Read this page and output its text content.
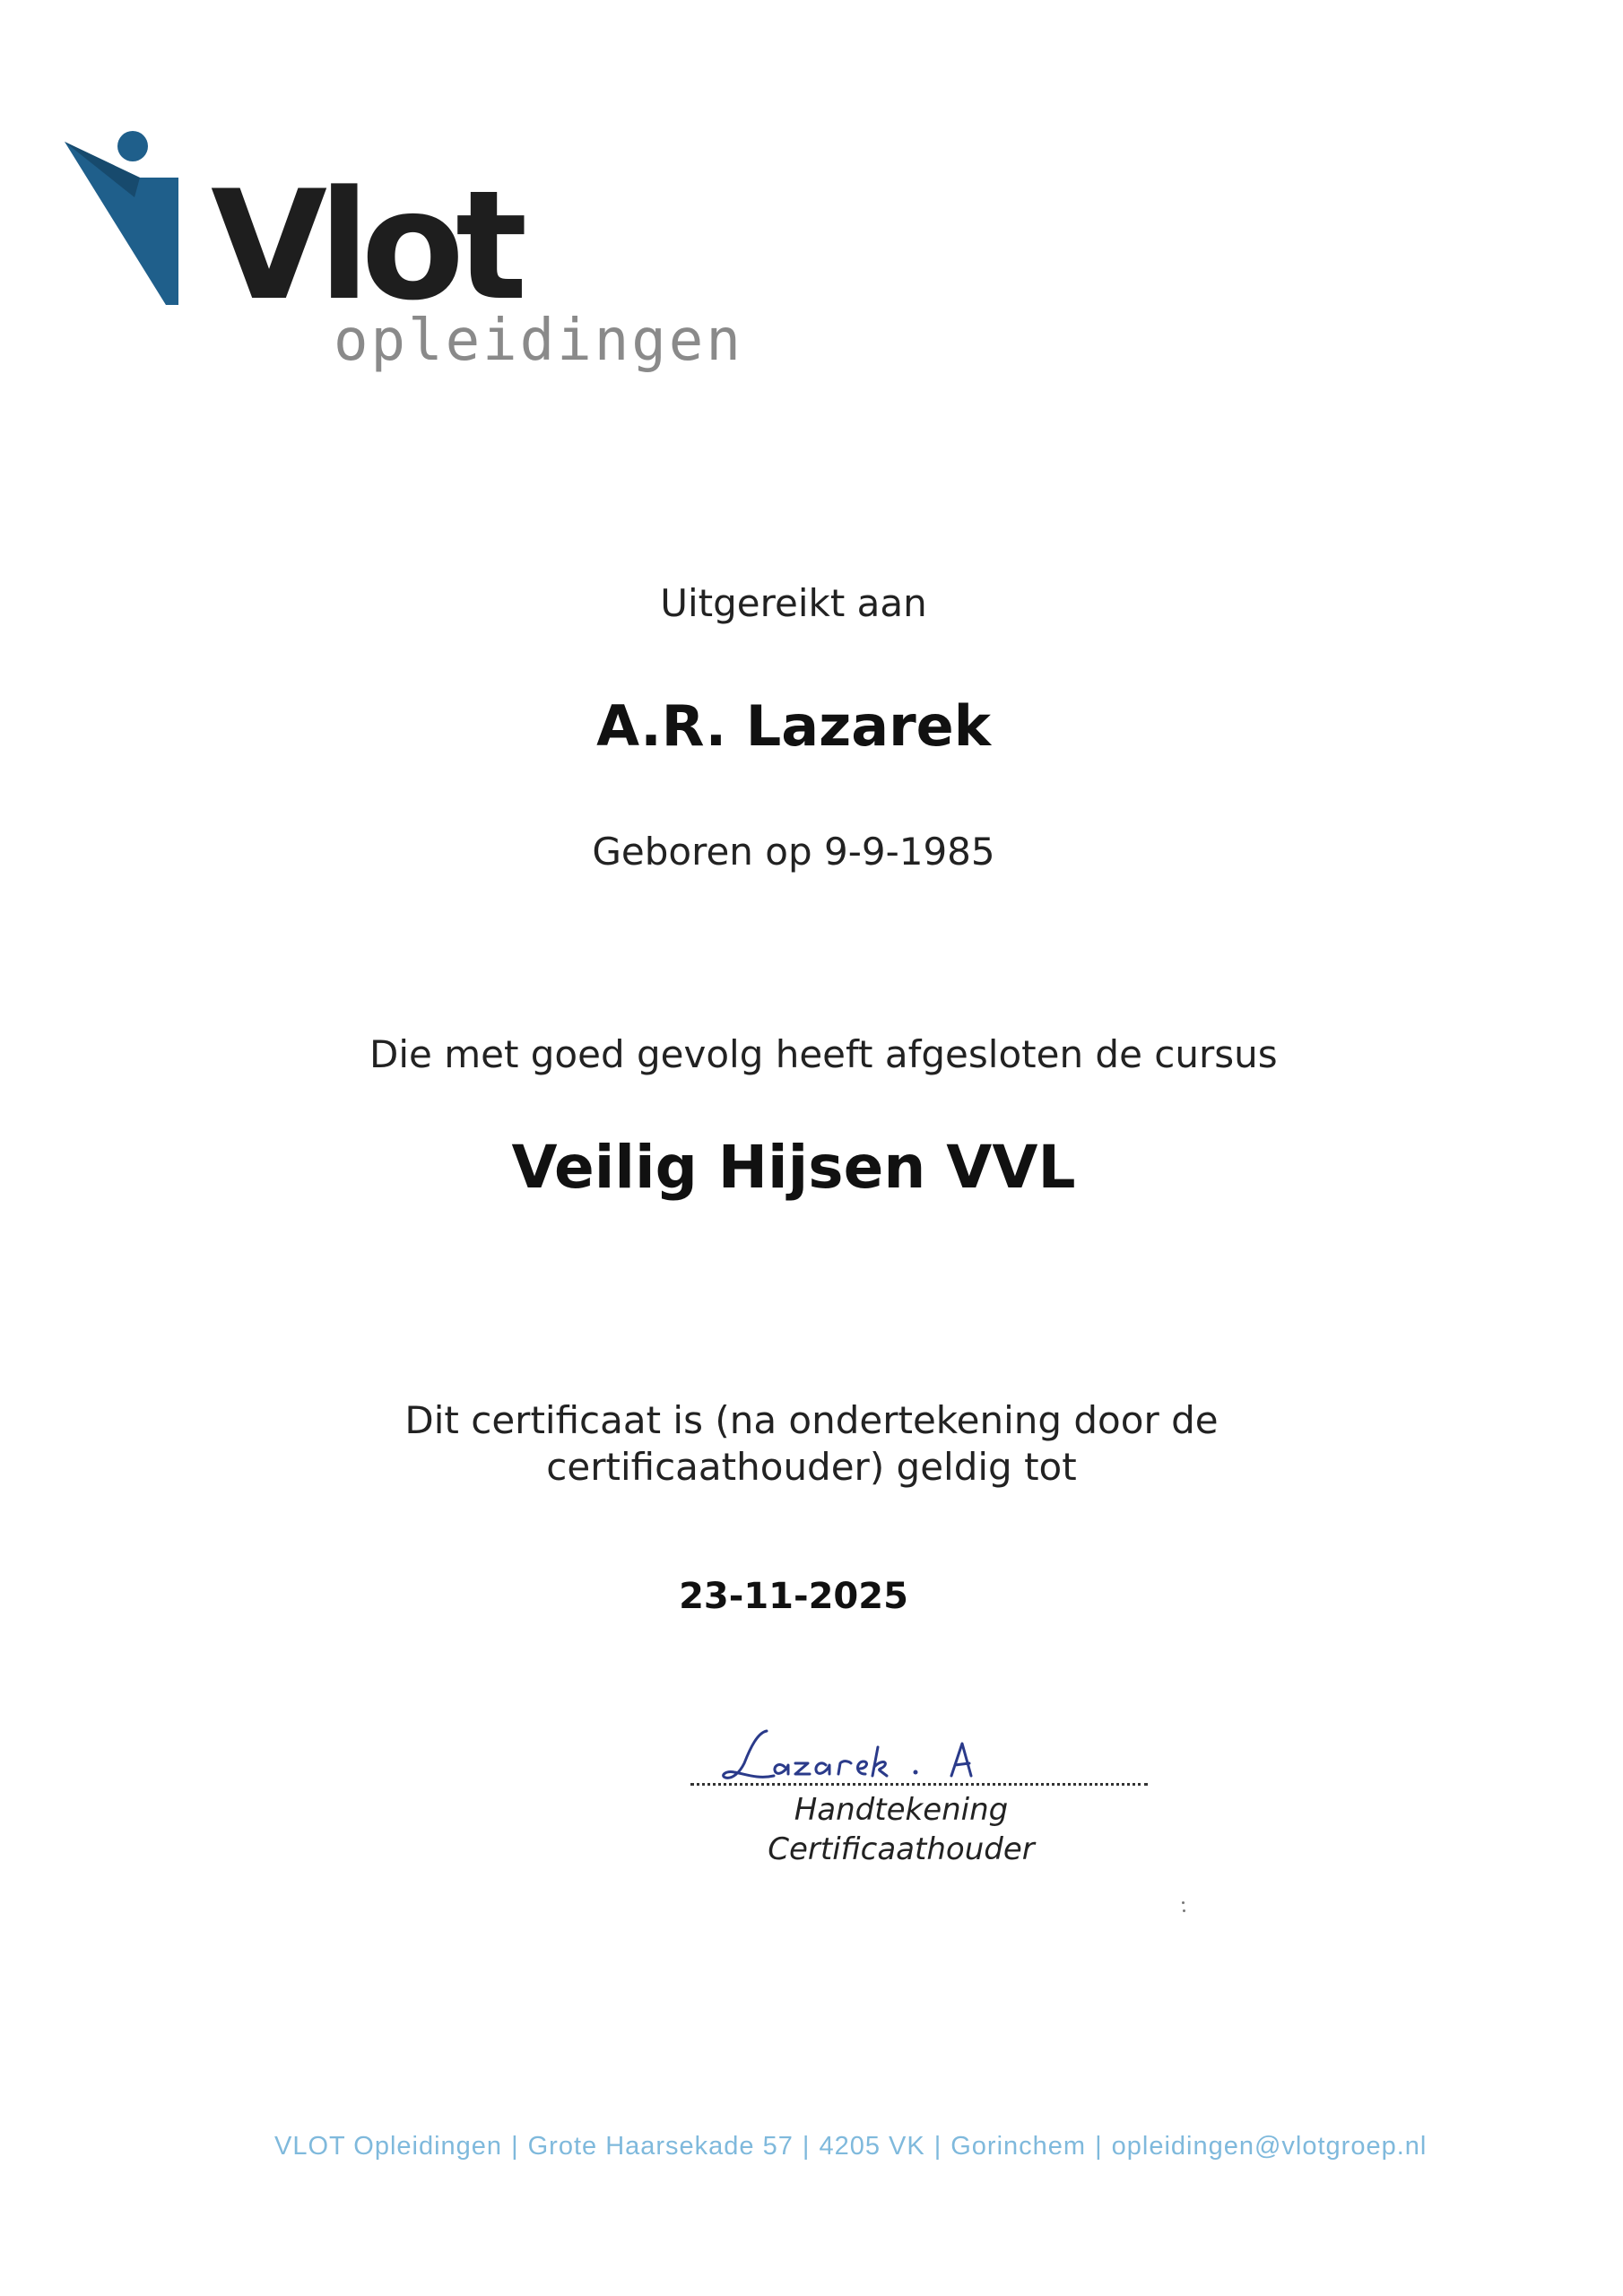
Vlot
opleidingen
Uitgereikt aan
A.R. Lazarek
Geboren op 9-9-1985
Die met goed gevolg heeft afgesloten de cursus
Veilig Hijsen VVL
Dit certificaat is (na ondertekening door de
certificaathouder) geldig tot
23-11-2025
Handtekening Certificaathouder
VLOT Opleidingen | Grote Haarsekade 57 | 4205 VK | Gorinchem | opleidingen@vlotgroep.nl
